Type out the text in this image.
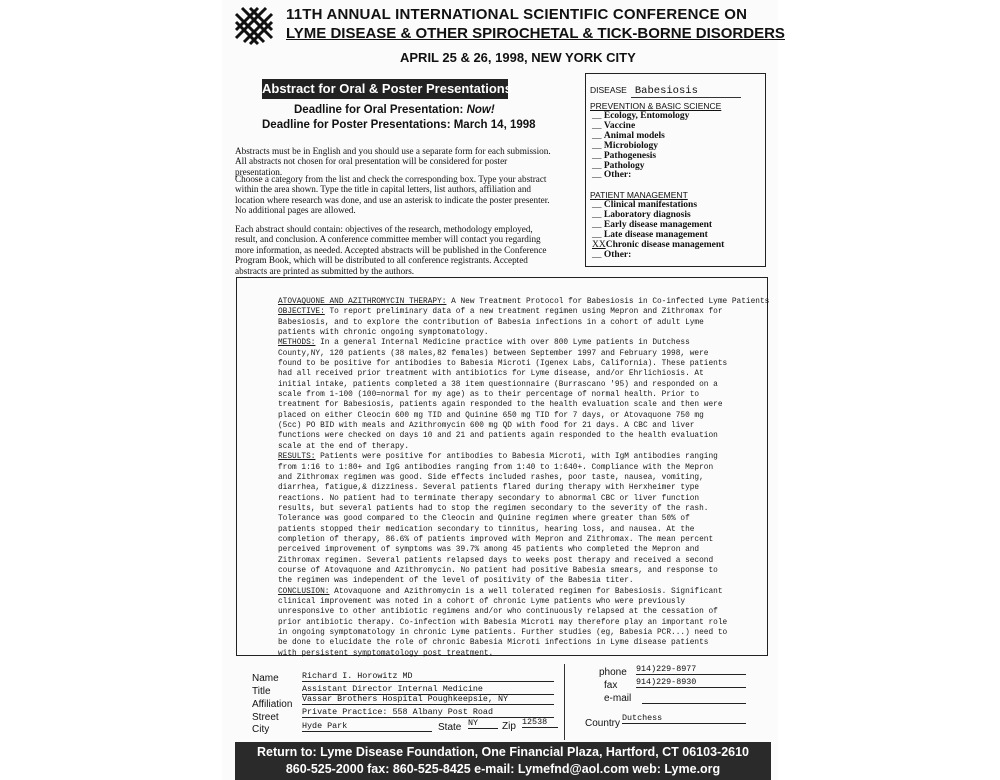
11TH ANNUAL INTERNATIONAL SCIENTIFIC CONFERENCE ON
LYME DISEASE & OTHER SPIROCHETAL & TICK-BORNE DISORDERS
APRIL 25 & 26, 1998, NEW YORK CITY
Abstract for Oral & Poster Presentations
Deadline for Oral Presentation: Now!
Deadline for Poster Presentations: March 14, 1998
Abstracts must be in English and you should use a separate form for each submission. All abstracts not chosen for oral presentation will be considered for poster presentation.
Choose a category from the list and check the corresponding box. Type your abstract within the area shown. Type the title in capital letters, list authors, affiliation and location where research was done, and use an asterisk to indicate the poster presenter. No additional pages are allowed.
Each abstract should contain: objectives of the research, methodology employed, result, and conclusion. A conference committee member will contact you regarding more information, as needed. Accepted abstracts will be published in the Conference Program Book, which will be distributed to all conference registrants. Accepted abstracts are printed as submitted by the authors.
DISEASE Babesiosis
PREVENTION & BASIC SCIENCE
__ Ecology, Entomology
__ Vaccine
__ Animal models
__ Microbiology
__ Pathogenesis
__ Pathology
__ Other:
PATIENT MANAGEMENT
__ Clinical manifestations
__ Laboratory diagnosis
__ Early disease management
__ Late disease management
XX Chronic disease management
__ Other:

ATOVAQUONE AND AZITHROMYCIN THERAPY: A New Treatment Protocol for Babesiosis in Co-infected Lyme Patients

OBJECTIVE: To report preliminary data of a new treatment regimen using Mepron and Zithromax for Babesiosis, and to explore the contribution of Babesia infections in a cohort of adult Lyme patients with chronic ongoing symptomatology.

METHODS: In a general Internal Medicine practice with over 800 Lyme patients in Dutchess County,NY, 120 patients (38 males,82 females) between September 1997 and February 1998, were found to be positive for antibodies to Babesia Microti (Igenex Labs, California). These patients had all received prior treatment with antibiotics for Lyme disease, and/or Ehrlichiosis. At initial intake, patients completed a 38 item questionnaire (Burrascano '95) and responded on a scale from 1-100 (100=normal for my age) as to their percentage of normal health. Prior to treatment for Babesiosis, patients again responded to the health evaluation scale and then were placed on either Cleocin 600 mg TID and Quinine 650 mg TID for 7 days, or Atovaquone 750 mg (5cc) PO BID with meals and Azithromycin 600 mg QD with food for 21 days. A CBC and liver functions were checked on days 10 and 21 and patients again responded to the health evaluation scale at the end of therapy.

RESULTS: Patients were positive for antibodies to Babesia Microti, with IgM antibodies ranging from 1:16 to 1:80+ and IgG antibodies ranging from 1:40 to 1:640+. Compliance with the Mepron and Zithromax regimen was good. Side effects included rashes, poor taste, nausea, vomiting, diarrhea, fatigue,& dizziness. Several patients flared during therapy with Herxheimer type reactions. No patient had to terminate therapy secondary to abnormal CBC or liver function results, but several patients had to stop the regimen secondary to the severity of the rash. Tolerance was good compared to the Cleocin and Quinine regimen where greater than 50% of patients stopped their medication secondary to tinnitus, hearing loss, and nausea. At the completion of therapy, 86.6% of patients improved with Mepron and Zithromax. The mean percent perceived improvement of symptoms was 39.7% among 45 patients who completed the Mepron and Zithromax regimen. Several patients relapsed days to weeks post therapy and received a second course of Atovaquone and Azithromycin. No patient had positive Babesia smears, and response to the regimen was independent of the level of positivity of the Babesia titer.

CONCLUSION: Atovaquone and Azithromycin is a well tolerated regimen for Babesiosis. Significant clinical improvement was noted in a cohort of chronic Lyme patients who were previously unresponsive to other antibiotic regimens and/or who continuously relapsed at the cessation of prior antibiotic therapy. Co-infection with Babesia Microti may therefore play an important role in ongoing symptomatology in chronic Lyme patients. Further studies (eg, Babesia PCR...) need to be done to elucidate the role of chronic Babesia Microti infections in Lyme disease patients with persistent symptomatology post treatment.

Name	Richard I. Horowitz MD
Title	Assistant Director Internal Medicine
Affiliation Vassar Brothers Hospital Poughkeepsie, NY
Street	Private Practice: 558 Albany Post Road
City	Hyde Park	State NY	Zip 12538
phone 914)229-8977
fax 914)229-8930
e-mail
Country Dutchess
Return to: Lyme Disease Foundation, One Financial Plaza, Hartford, CT 06103-2610
860-525-2000 fax: 860-525-8425 e-mail: Lymefnd@aol.com web: Lyme.org
